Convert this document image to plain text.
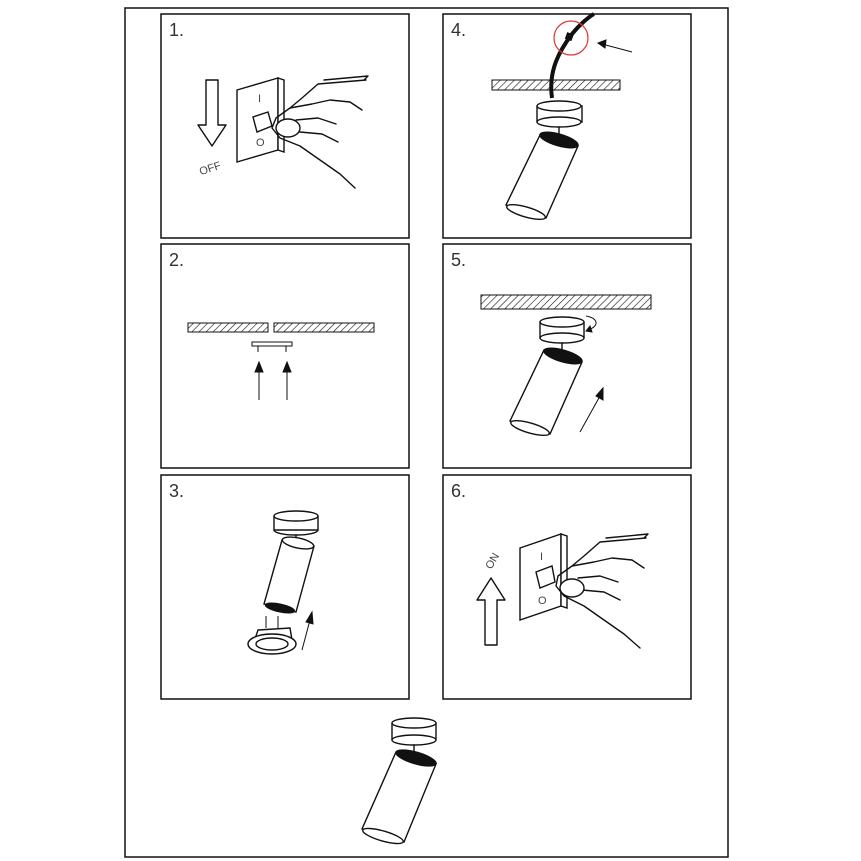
1.
OFF
I
O
2.
3.
4.
5.
6.
ON	I
O
